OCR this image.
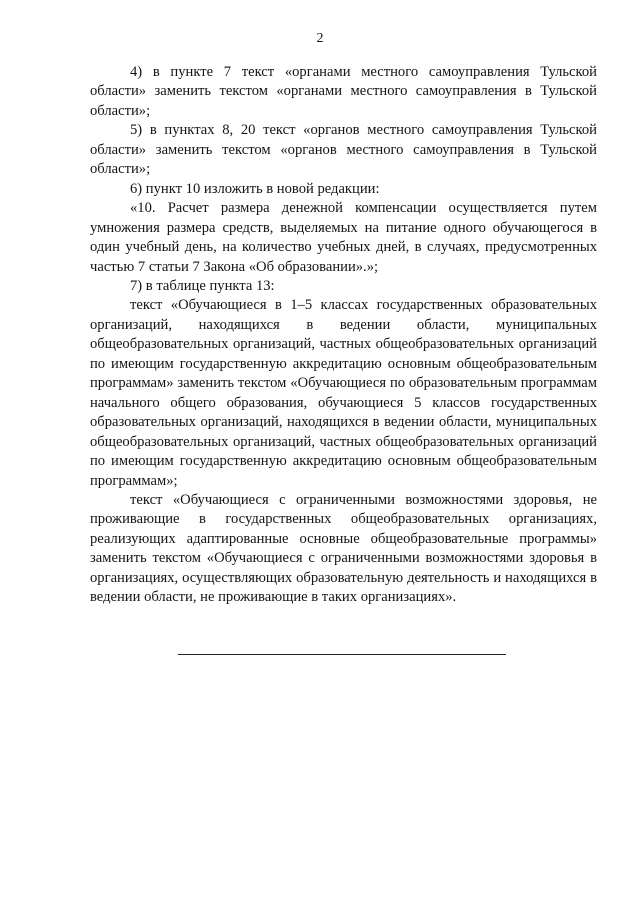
2

4) в пункте 7 текст «органами местного самоуправления Тульской области» заменить текстом «органами местного самоуправления в Тульской области»;

5) в пунктах 8, 20 текст «органов местного самоуправления Тульской области» заменить текстом «органов местного самоуправления в Тульской области»;

6) пункт 10 изложить в новой редакции:

«10. Расчет размера денежной компенсации осуществляется путем умножения размера средств, выделяемых на питание одного обучающегося в один учебный день, на количество учебных дней, в случаях, предусмотренных частью 7 статьи 7 Закона «Об образовании».»;

7) в таблице пункта 13:

текст «Обучающиеся в 1–5 классах государственных образовательных организаций, находящихся в ведении области, муниципальных общеобразовательных организаций, частных общеобразовательных организаций по имеющим государственную аккредитацию основным общеобразовательным программам» заменить текстом «Обучающиеся по образовательным программам начального общего образования, обучающиеся 5 классов государственных образовательных организаций, находящихся в ведении области, муниципальных общеобразовательных организаций, частных общеобразовательных организаций по имеющим государственную аккредитацию основным общеобразовательным программам»;

текст «Обучающиеся с ограниченными возможностями здоровья, не проживающие в государственных общеобразовательных организациях, реализующих адаптированные основные общеобразовательные программы» заменить текстом «Обучающиеся с ограниченными возможностями здоровья в организациях, осуществляющих образовательную деятельность и находящихся в ведении области, не проживающие в таких организациях».
